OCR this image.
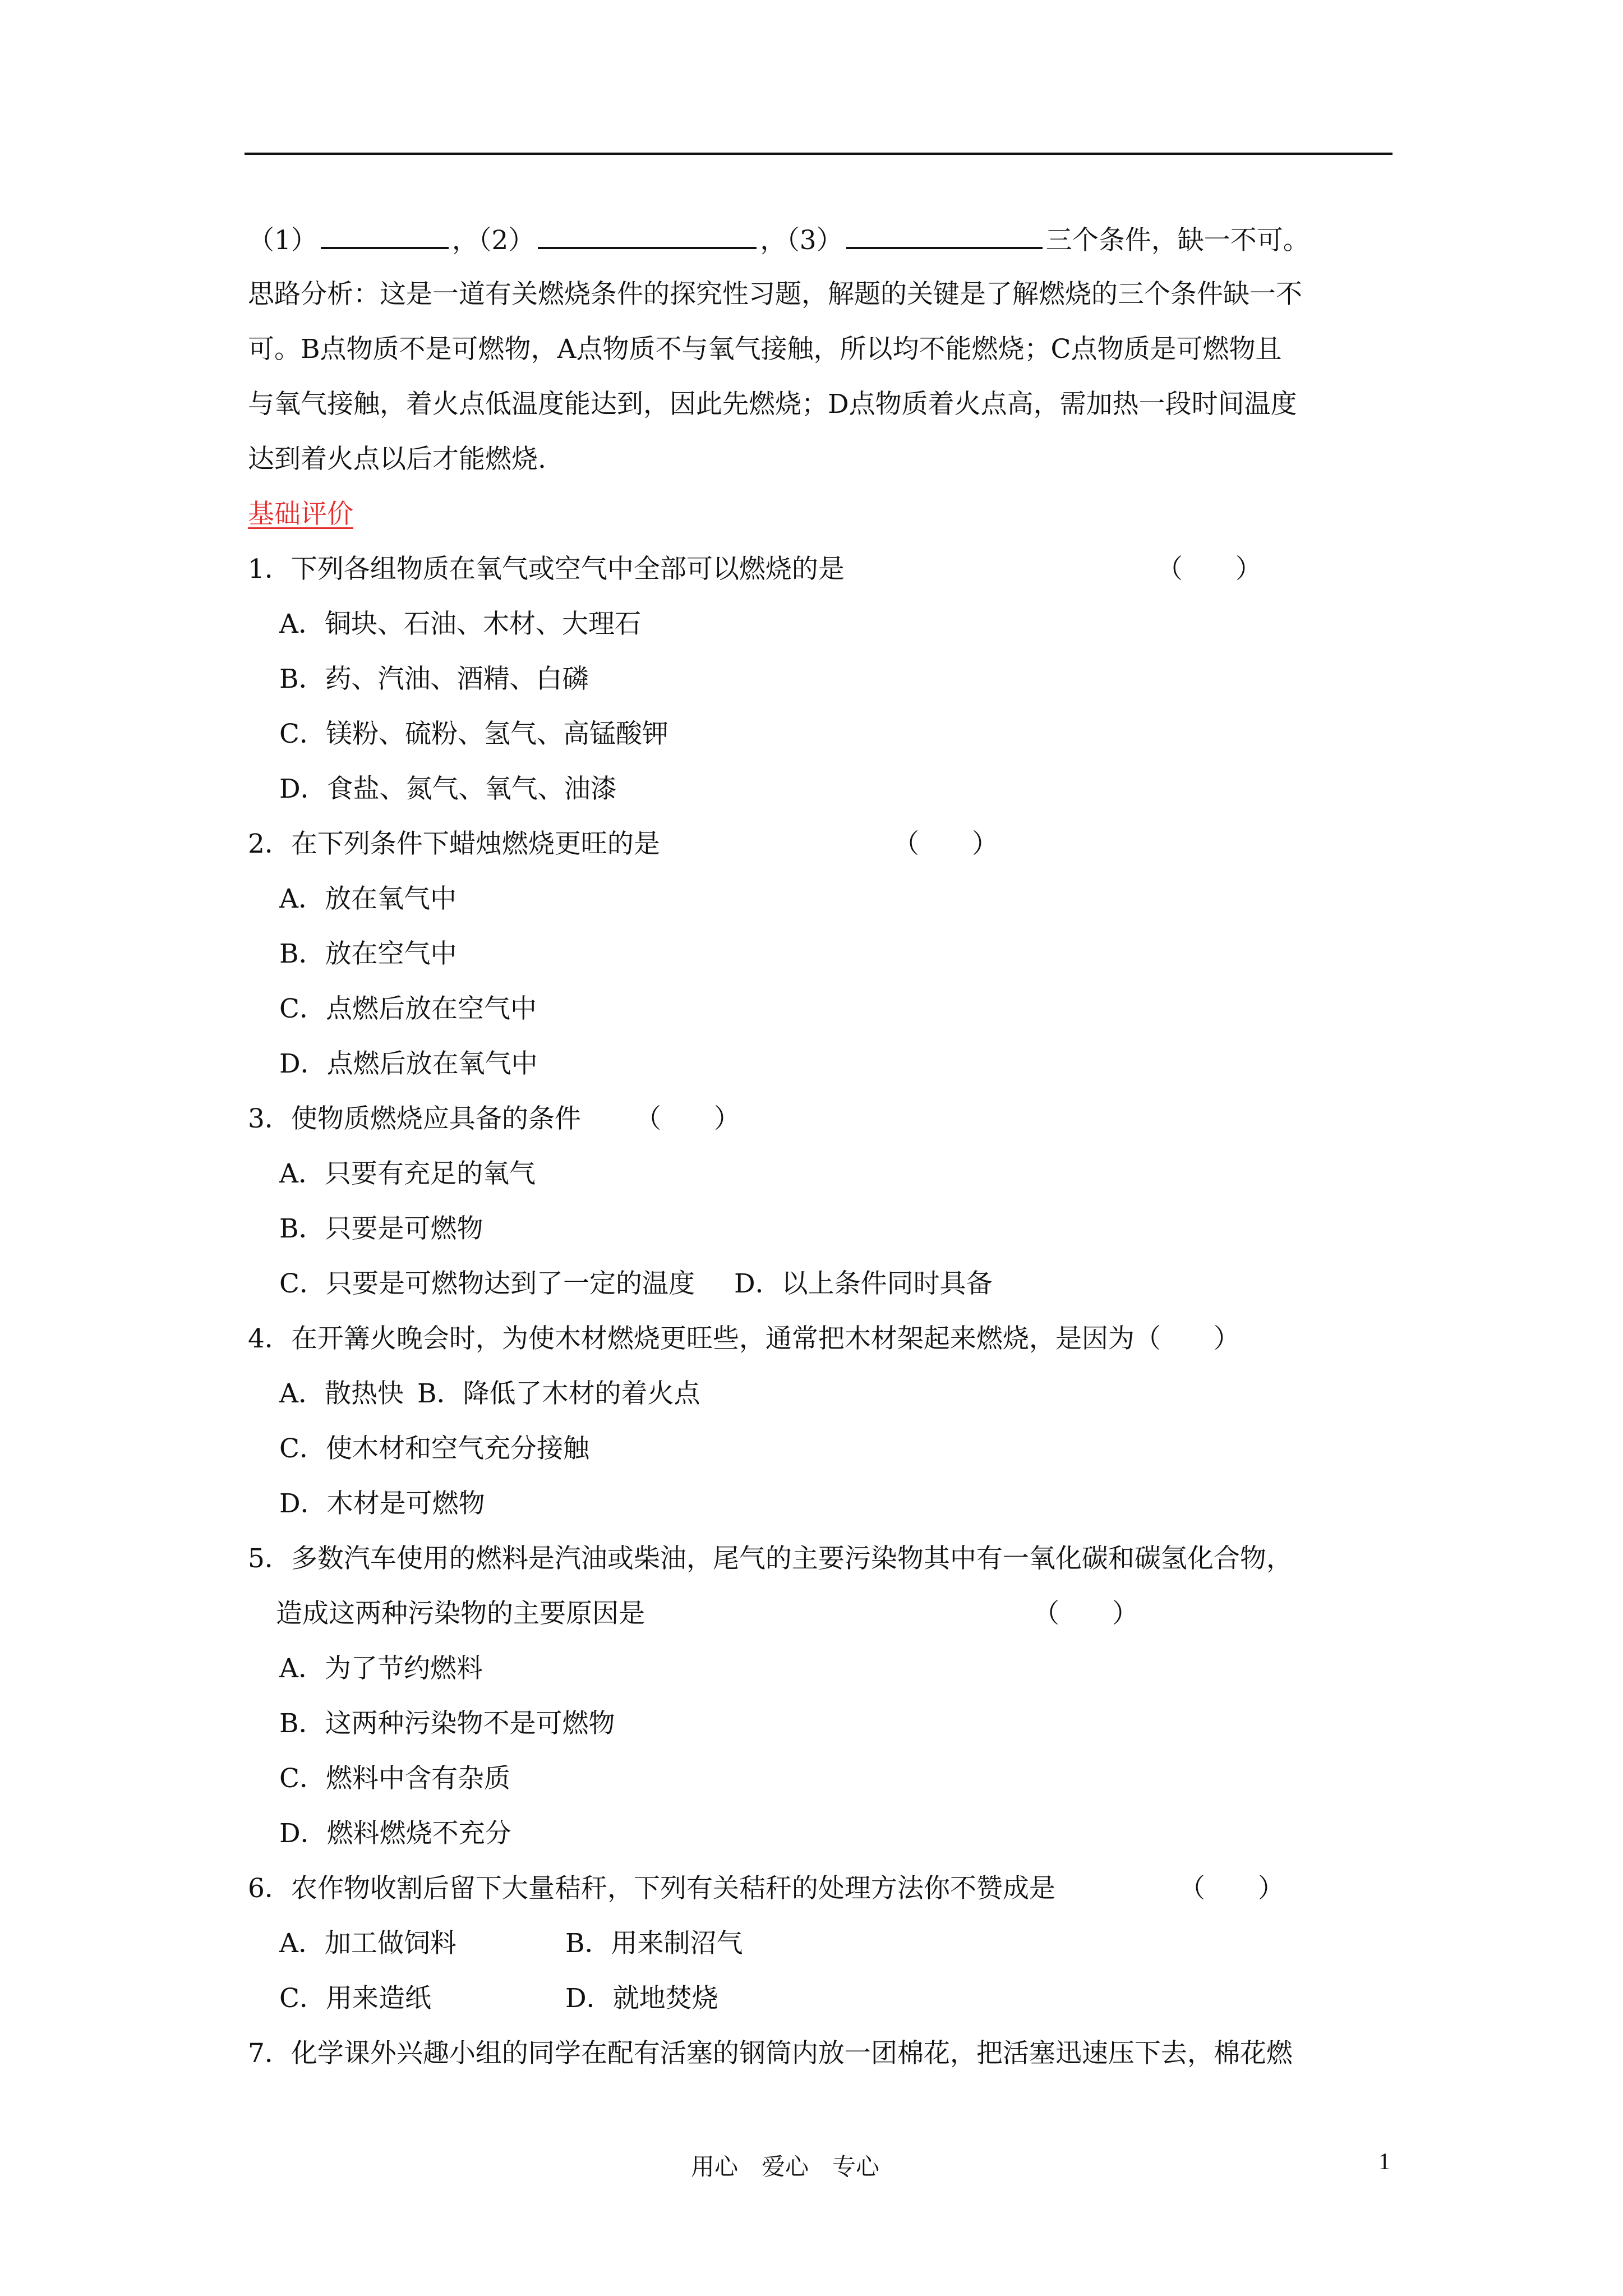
（1）	，（2）	，（3）	三个条件，缺一不可。
思路分析：这是一道有关燃烧条件的探究性习题，解题的关键是了解燃烧的三个条件缺一不
可。B点物质不是可燃物，A点物质不与氧气接触，所以均不能燃烧；C点物质是可燃物且
与氧气接触，着火点低温度能达到，因此先燃烧；D点物质着火点高，需加热一段时间温度
达到着火点以后才能燃烧.
基础评价
1．下列各组物质在氧气或空气中全部可以燃烧的是	（　　）
A．铜块、石油、木材、大理石
B．药、汽油、酒精、白磷
C．镁粉、硫粉、氢气、高锰酸钾
D．食盐、氮气、氧气、油漆
2．在下列条件下蜡烛燃烧更旺的是	（　　）
A．放在氧气中
B．放在空气中
C．点燃后放在空气中
D．点燃后放在氧气中
3．使物质燃烧应具备的条件 （　　）
A．只要有充足的氧气
B．只要是可燃物
C．只要是可燃物达到了一定的温度 D．以上条件同时具备
4．在开篝火晚会时，为使木材燃烧更旺些，通常把木材架起来燃烧，是因为（　　）
A．散热快 B．降低了木材的着火点
C．使木材和空气充分接触
D．木材是可燃物
5．多数汽车使用的燃料是汽油或柴油，尾气的主要污染物其中有一氧化碳和碳氢化合物，
造成这两种污染物的主要原因是	（　　）
A．为了节约燃料
B．这两种污染物不是可燃物
C．燃料中含有杂质
D．燃料燃烧不充分
6．农作物收割后留下大量秸秆，下列有关秸秆的处理方法你不赞成是	（　　）
A．加工做饲料	B．用来制沼气
C．用来造纸	D．就地焚烧
7．化学课外兴趣小组的同学在配有活塞的钢筒内放一团棉花，把活塞迅速压下去，棉花燃
用心　爱心　专心	1
